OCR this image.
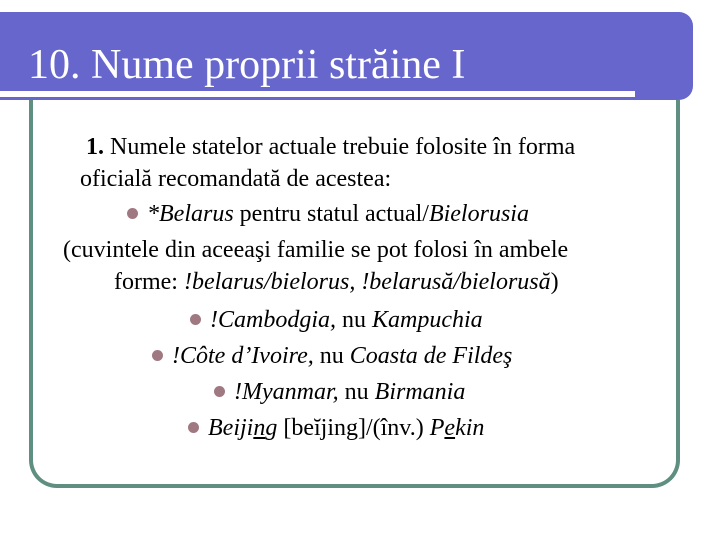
10. Nume proprii străine I
1. Numele statelor actuale trebuie folosite în forma
oficială recomandată de acestea:
*Belarus pentru statul actual/Bielorusia
(cuvintele din aceeaşi familie se pot folosi în ambele
forme: !belarus/bielorus, !belarusă/bielorusă)
!Cambodgia, nu Kampuchia
!Côte d’Ivoire, nu Coasta de Fildeş
!Myanmar, nu Birmania
Beijing [beĭjing]/(înv.) Pekin
